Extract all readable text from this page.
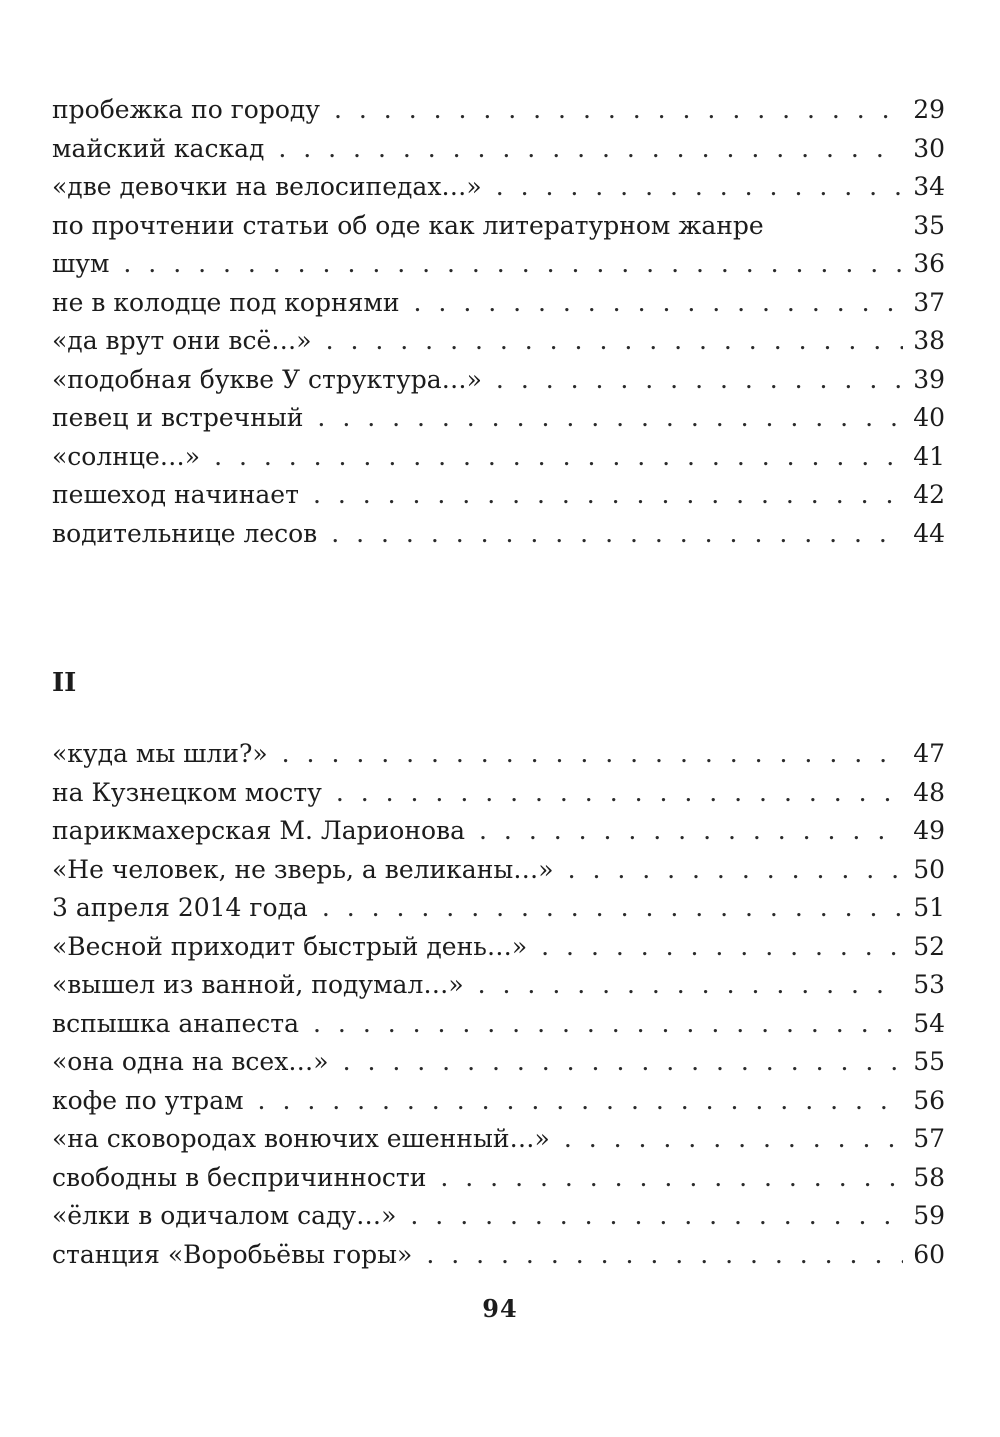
пробежка по городу . . .	29
майский каскад . . .	30
«две девочки на велосипедах…» . . .	34
по прочтении статьи об оде как литературном жанре	35
шум . . .	36
не в колодце под корнями . . .	37
«да врут они всё…» . . .	38
«подобная букве У структура…» . . .	39
певец и встречный . . .	40
«солнце…» . . .	41
пешеход начинает . . .	42
водительнице лесов . . .	44
II
«куда мы шли?» . . .	47
на Кузнецком мосту . . .	48
парикмахерская М. Ларионова . . .	49
«Не человек, не зверь, а великаны…» . . .	50
3 апреля 2014 года . . .	51
«Весной приходит быстрый день…» . . .	52
«вышел из ванной, подумал…» . . .	53
вспышка анапеста . . .	54
«она одна на всех…» . . .	55
кофе по утрам . . .	56
«на сковородах вонючих ешенный…» . . .	57
свободны в беспричинности . . .	58
«ёлки в одичалом саду…» . . .	59
станция «Воробьёвы горы» . . .	60
94
